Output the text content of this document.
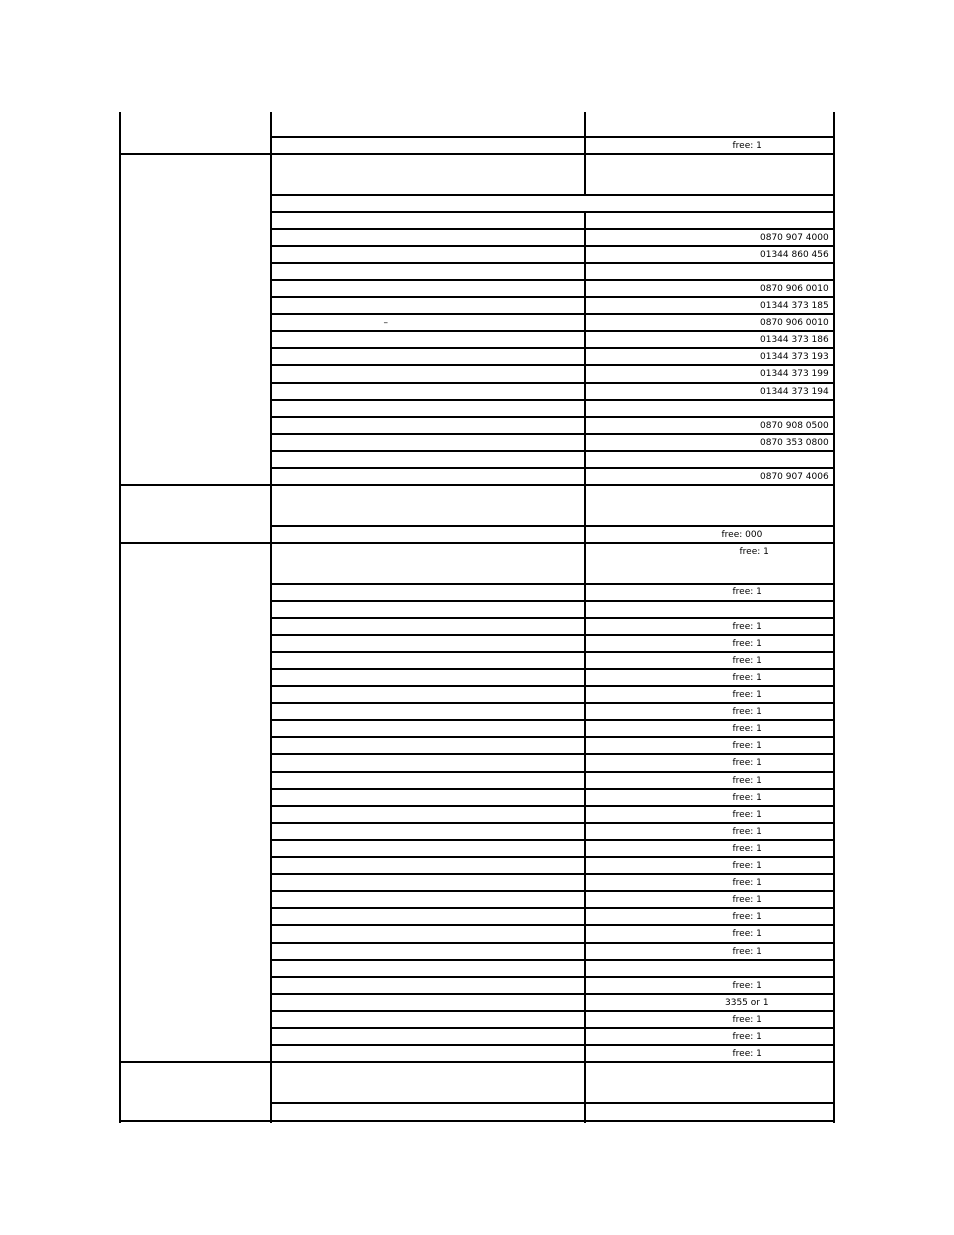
free: 1
0870 907 4000
01344 860 456
0870 906 0010
01344 373 185
–	0870 906 0010
01344 373 186
01344 373 193
01344 373 199
01344 373 194
0870 908 0500
0870 353 0800
0870 907 4006
free: 000
free: 1
free: 1
free: 1
free: 1
free: 1
free: 1
free: 1
free: 1
free: 1
free: 1
free: 1
free: 1
free: 1
free: 1
free: 1
free: 1
free: 1
free: 1
free: 1
free: 1
free: 1
free: 1
free: 1
3355 or 1
free: 1
free: 1
free: 1
